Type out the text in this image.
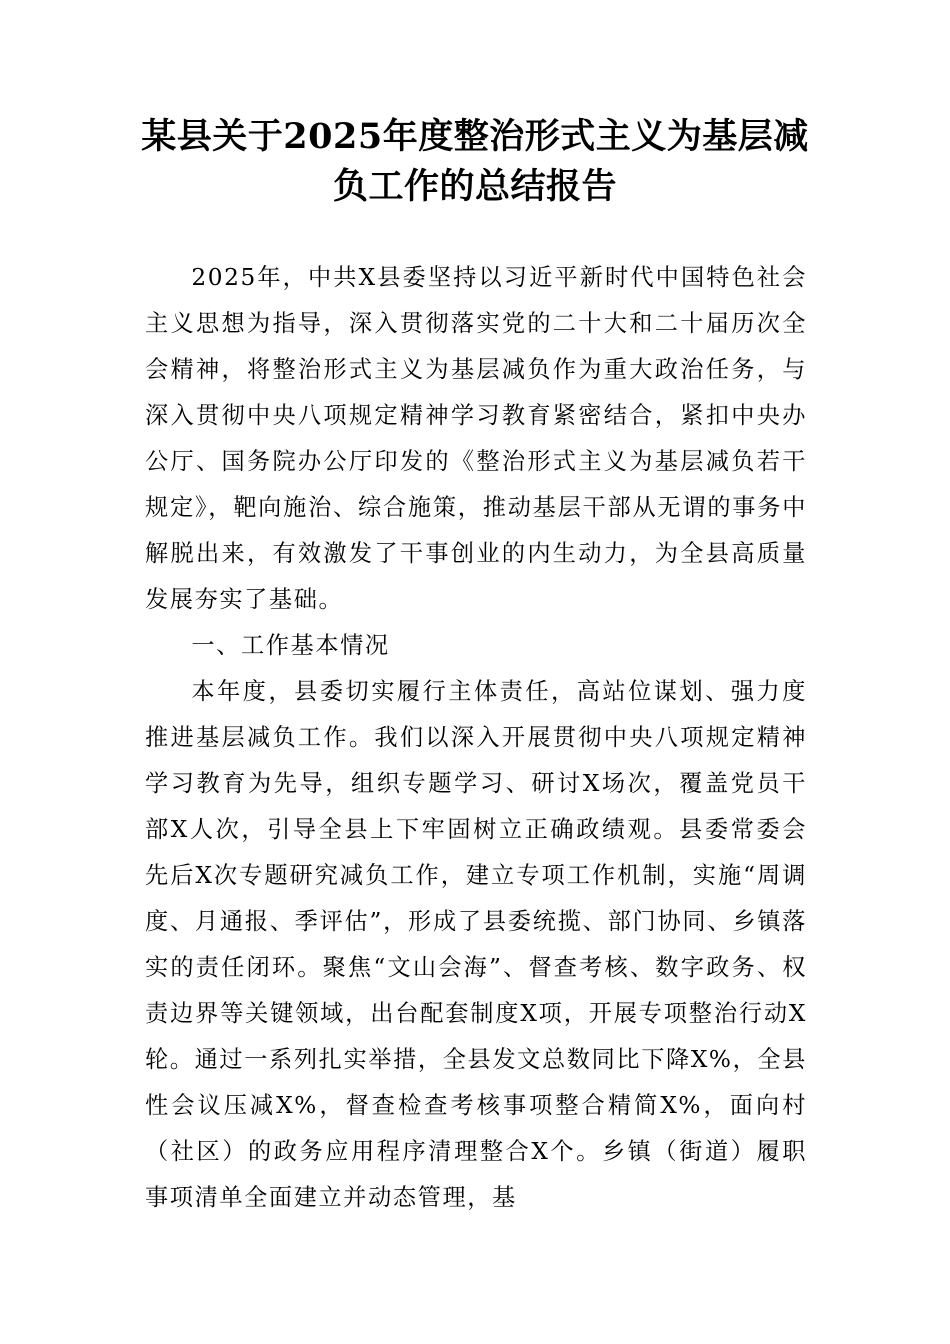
某县关于2025年度整治形式主义为基层减负工作的总结报告

2025年，中共X县委坚持以习近平新时代中国特色社会主义思想为指导，深入贯彻落实党的二十大和二十届历次全会精神，将整治形式主义为基层减负作为重大政治任务，与深入贯彻中央八项规定精神学习教育紧密结合，紧扣中央办公厅、国务院办公厅印发的《整治形式主义为基层减负若干规定》，靶向施治、综合施策，推动基层干部从无谓的事务中解脱出来，有效激发了干事创业的内生动力，为全县高质量发展夯实了基础。

一、工作基本情况

本年度，县委切实履行主体责任，高站位谋划、强力度推进基层减负工作。我们以深入开展贯彻中央八项规定精神学习教育为先导，组织专题学习、研讨X场次，覆盖党员干部X人次，引导全县上下牢固树立正确政绩观。县委常委会先后X次专题研究减负工作，建立专项工作机制，实施“周调度、月通报、季评估”，形成了县委统揽、部门协同、乡镇落实的责任闭环。聚焦“文山会海”、督查考核、数字政务、权责边界等关键领域，出台配套制度X项，开展专项整治行动X轮。通过一系列扎实举措，全县发文总数同比下降X%，全县性会议压减X%，督查检查考核事项整合精简X%，面向村（社区）的政务应用程序清理整合X个。乡镇（街道）履职事项清单全面建立并动态管理，基
